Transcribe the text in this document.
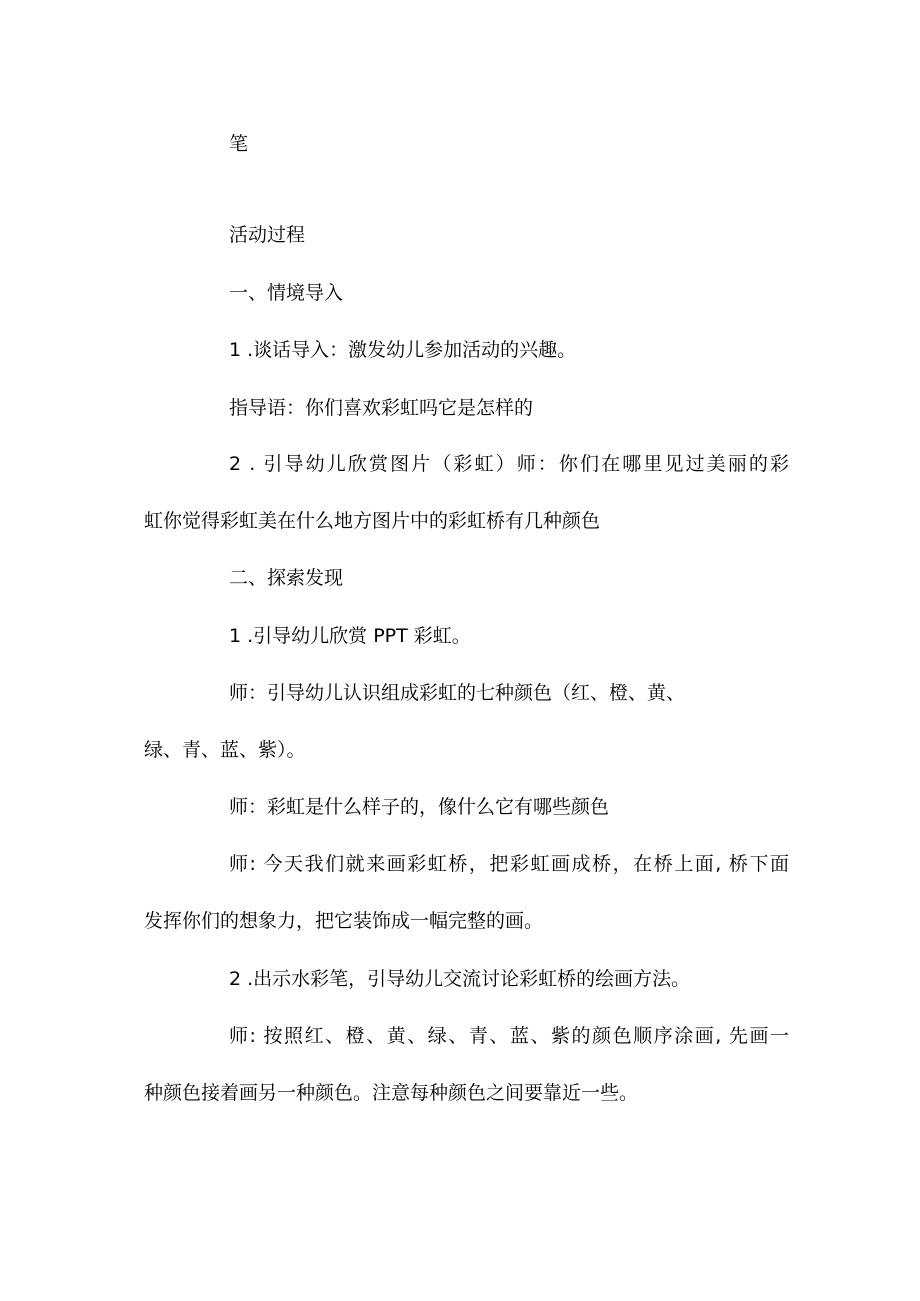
笔
活动过程
一、情境导入
1 .谈话导入：激发幼儿参加活动的兴趣。
指导语：你们喜欢彩虹吗它是怎样的
2 . 引导幼儿欣赏图片（彩虹）师：你们在哪里见过美丽的彩
虹你觉得彩虹美在什么地方图片中的彩虹桥有几种颜色
二、探索发现
1 .引导幼儿欣赏 PPT 彩虹。
师：引导幼儿认识组成彩虹的七种颜色（红、橙、黄、
绿、青、蓝、紫）。
师：彩虹是什么样子的，像什么它有哪些颜色
师: 今天我们就来画彩虹桥，把彩虹画成桥，在桥上面, 桥下面
发挥你们的想象力，把它装饰成一幅完整的画。
2 .出示水彩笔，引导幼儿交流讨论彩虹桥的绘画方法。
师: 按照红、橙、黄、绿、青、蓝、紫的颜色顺序涂画, 先画一
种颜色接着画另一种颜色。注意每种颜色之间要靠近一些。
